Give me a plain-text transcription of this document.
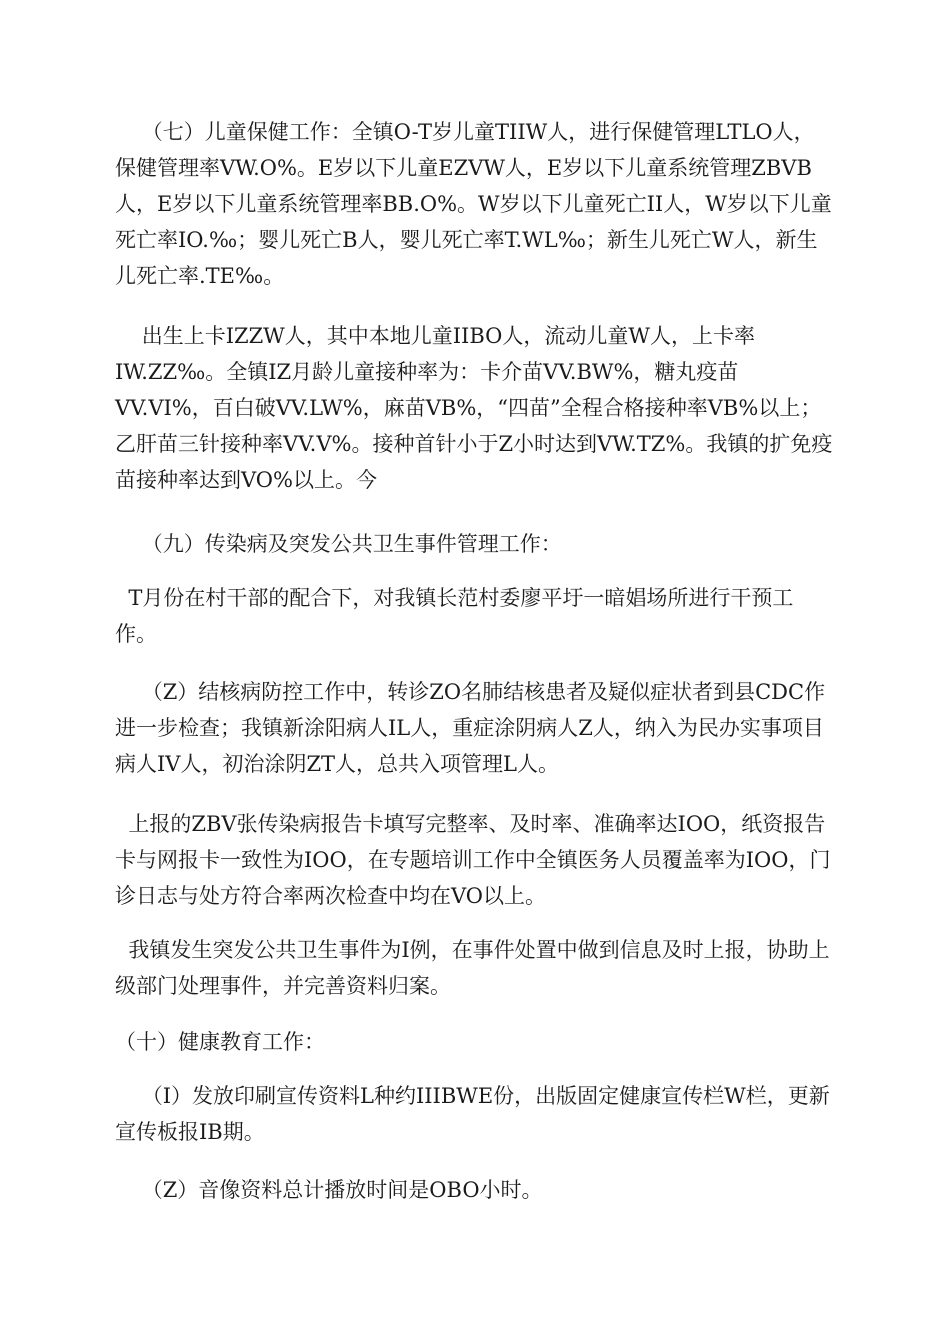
（七）儿童保健工作：全镇O-T岁儿童TIIW人，进行保健管理LTLO人，保健管理率VW.O%。E岁以下儿童EZVW人，E岁以下儿童系统管理ZBVB人，E岁以下儿童系统管理率BB.O%。W岁以下儿童死亡II人，W岁以下儿童死亡率IO.‰；婴儿死亡B人，婴儿死亡率T.WL‰；新生儿死亡W人，新生儿死亡率.TE‰。

出生上卡IZZW人，其中本地儿童IIBO人，流动儿童W人，上卡率IW.ZZ‰。全镇IZ月龄儿童接种率为：卡介苗VV.BW%，糖丸疫苗VV.VI%，百白破VV.LW%，麻苗VB%，“四苗”全程合格接种率VB%以上；乙肝苗三针接种率VV.V%。接种首针小于Z小时达到VW.TZ%。我镇的扩免疫苗接种率达到VO%以上。今

（九）传染病及突发公共卫生事件管理工作：

T月份在村干部的配合下，对我镇长范村委廖平圩一暗娼场所进行干预工作。

（Z）结核病防控工作中，转诊ZO名肺结核患者及疑似症状者到县CDC作进一步检查；我镇新涂阳病人IL人，重症涂阴病人Z人，纳入为民办实事项目病人IV人，初治涂阴ZT人，总共入项管理L人。

上报的ZBV张传染病报告卡填写完整率、及时率、准确率达IOO，纸资报告卡与网报卡一致性为IOO，在专题培训工作中全镇医务人员覆盖率为IOO，门诊日志与处方符合率两次检查中均在VO以上。

我镇发生突发公共卫生事件为I例，在事件处置中做到信息及时上报，协助上级部门处理事件，并完善资料归案。

（十）健康教育工作：

（I）发放印刷宣传资料L种约IIIBWE份，出版固定健康宣传栏W栏，更新宣传板报IB期。

（Z）音像资料总计播放时间是OBO小时。
